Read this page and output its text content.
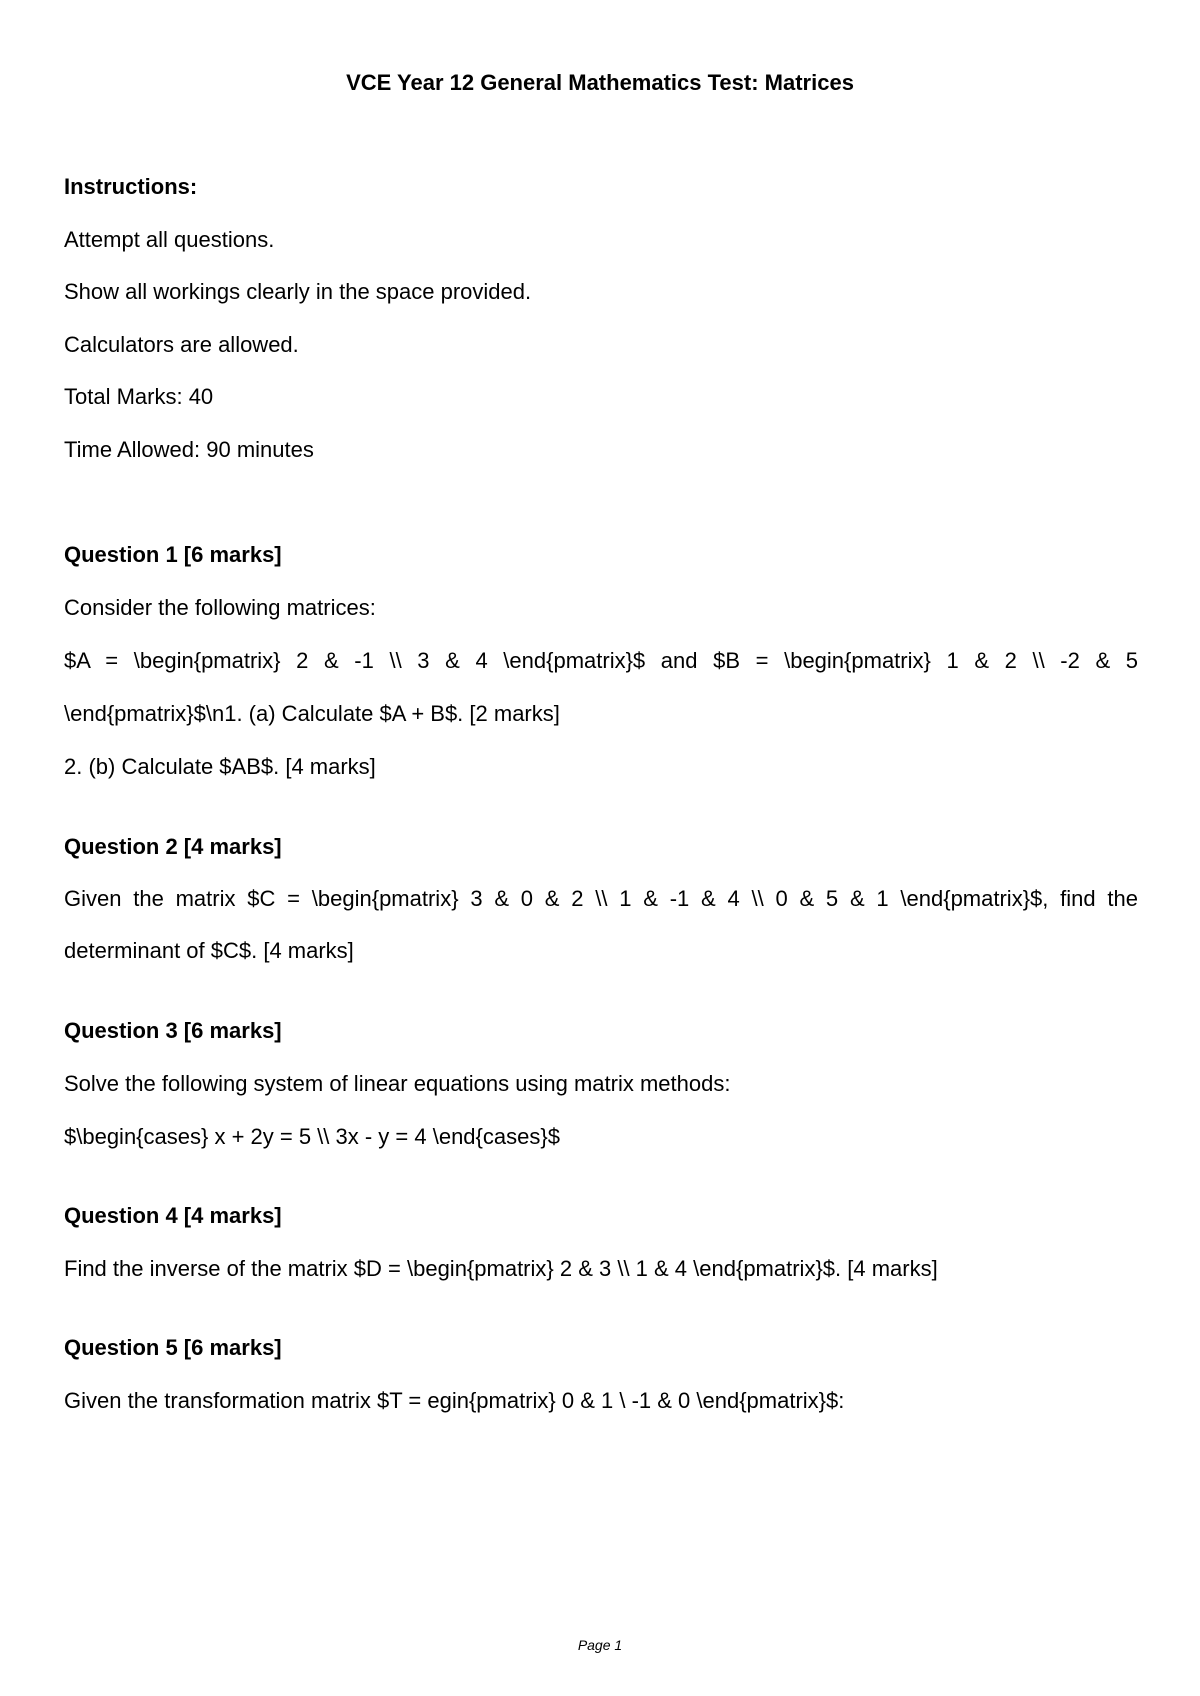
VCE Year 12 General Mathematics Test: Matrices
Instructions:
Attempt all questions.
Show all workings clearly in the space provided.
Calculators are allowed.
Total Marks: 40
Time Allowed: 90 minutes
Question 1 [6 marks]
Consider the following matrices:
$A = \begin{pmatrix} 2 & -1 \\ 3 & 4 \end{pmatrix}$ and $B = \begin{pmatrix} 1 & 2 \\ -2 & 5
\end{pmatrix}$\n1. (a) Calculate $A + B$. [2 marks]
2. (b) Calculate $AB$. [4 marks]
Question 2 [4 marks]
Given the matrix $C = \begin{pmatrix} 3 & 0 & 2 \\ 1 & -1 & 4 \\ 0 & 5 & 1 \end{pmatrix}$, find the
determinant of $C$. [4 marks]
Question 3 [6 marks]
Solve the following system of linear equations using matrix methods:
$\begin{cases} x + 2y = 5 \\ 3x - y = 4 \end{cases}$
Question 4 [4 marks]
Find the inverse of the matrix $D = \begin{pmatrix} 2 & 3 \\ 1 & 4 \end{pmatrix}$. [4 marks]
Question 5 [6 marks]
Given the transformation matrix $T = egin{pmatrix} 0 & 1 \ -1 & 0 \end{pmatrix}$:
Page 1
